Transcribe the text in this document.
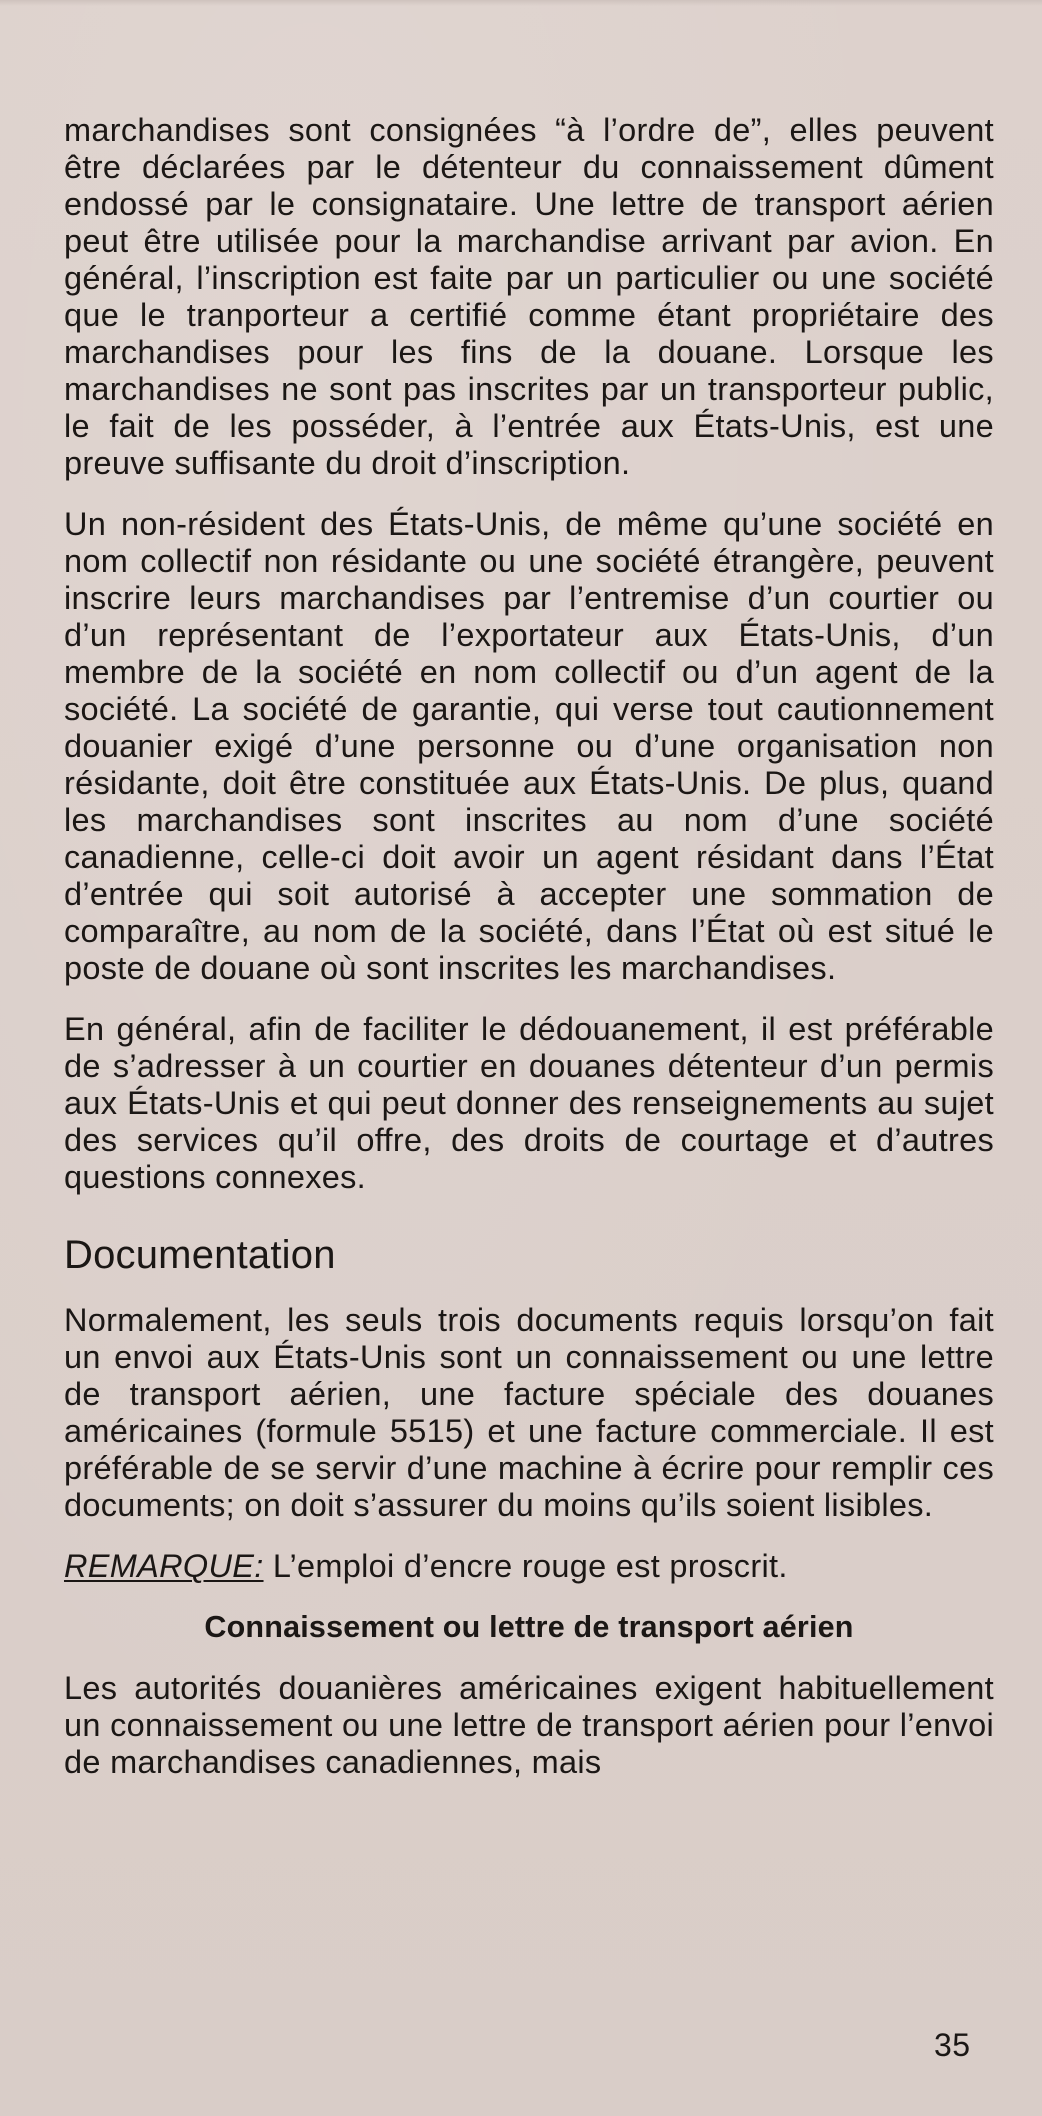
marchandises sont consignées “à l’ordre de”, elles peuvent être déclarées par le détenteur du connaissement dûment endossé par le consignataire. Une lettre de transport aérien peut être utilisée pour la marchandise arrivant par avion. En général, l’inscription est faite par un particulier ou une société que le tranporteur a certifié comme étant propriétaire des marchandises pour les fins de la douane. Lorsque les marchandises ne sont pas inscrites par un transporteur public, le fait de les posséder, à l’entrée aux États-Unis, est une preuve suffisante du droit d’inscription.

Un non-résident des États-Unis, de même qu’une société en nom collectif non résidante ou une société étrangère, peuvent inscrire leurs marchandises par l’entremise d’un courtier ou d’un représentant de l’exportateur aux États-Unis, d’un membre de la société en nom collectif ou d’un agent de la société. La société de garantie, qui verse tout cautionnement douanier exigé d’une personne ou d’une organisation non résidante, doit être constituée aux États-Unis. De plus, quand les marchandises sont inscrites au nom d’une société canadienne, celle-ci doit avoir un agent résidant dans l’État d’entrée qui soit autorisé à accepter une sommation de comparaître, au nom de la société, dans l’État où est situé le poste de douane où sont inscrites les marchandises.

En général, afin de faciliter le dédouanement, il est préférable de s’adresser à un courtier en douanes détenteur d’un permis aux États-Unis et qui peut donner des renseignements au sujet des services qu’il offre, des droits de courtage et d’autres questions connexes.

Documentation

Normalement, les seuls trois documents requis lorsqu’on fait un envoi aux États-Unis sont un connaissement ou une lettre de transport aérien, une facture spéciale des douanes américaines (formule 5515) et une facture commerciale. Il est préférable de se servir d’une machine à écrire pour remplir ces documents; on doit s’assurer du moins qu’ils soient lisibles.

REMARQUE: L’emploi d’encre rouge est proscrit.

Connaissement ou lettre de transport aérien

Les autorités douanières américaines exigent habituellement un connaissement ou une lettre de transport aérien pour l’envoi de marchandises canadiennes, mais

35
